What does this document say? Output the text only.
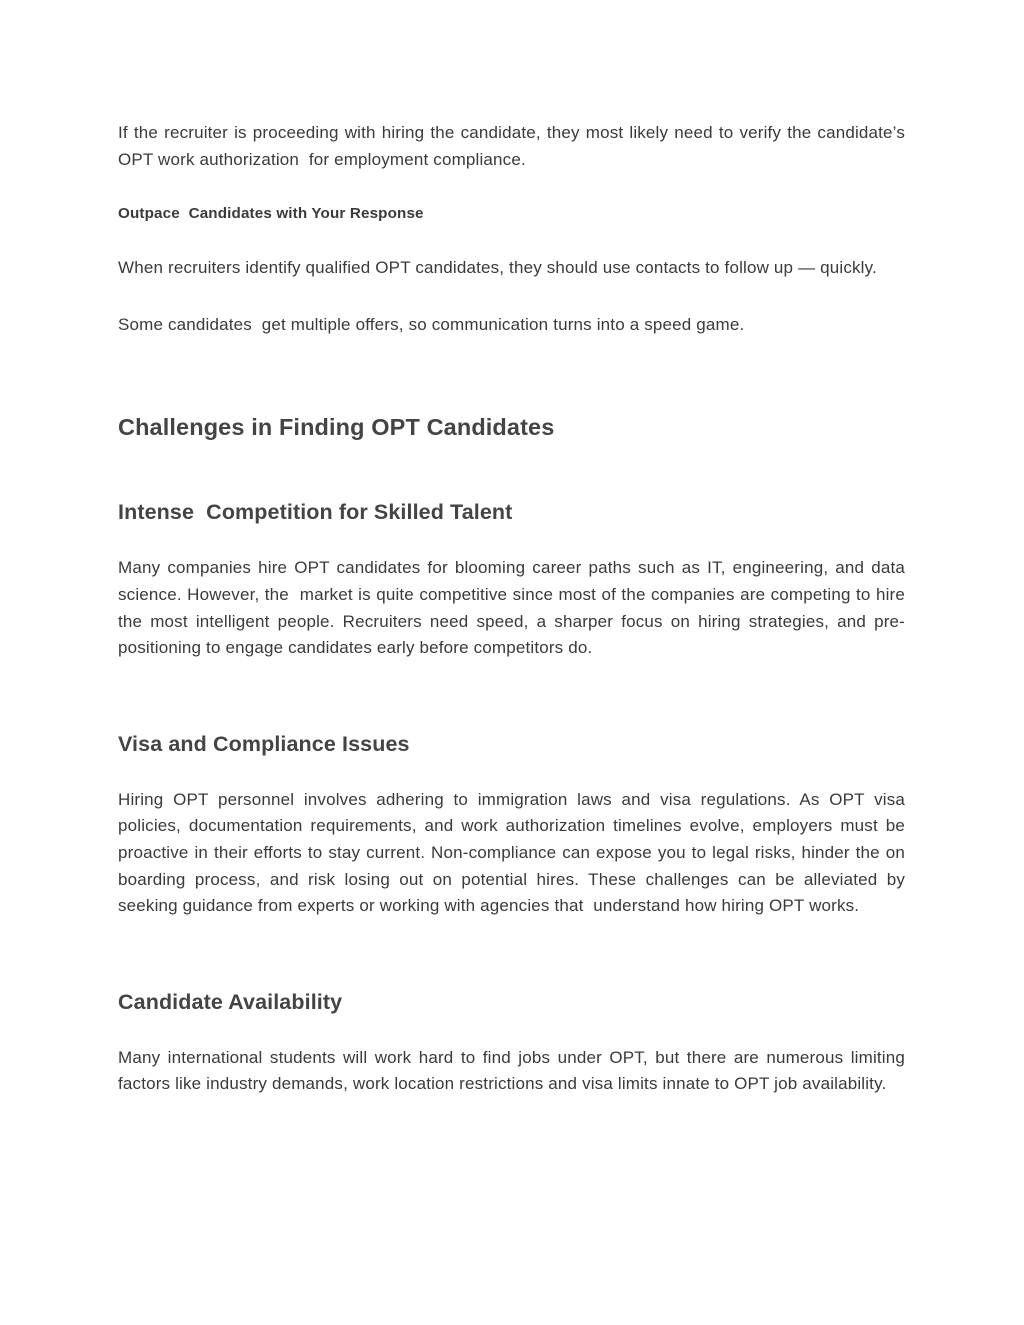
If the recruiter is proceeding with hiring the candidate, they most likely need to verify the candidate’s OPT work authorization  for employment compliance.

Outpace  Candidates with Your Response

When recruiters identify qualified OPT candidates, they should use contacts to follow up — quickly.

Some candidates  get multiple offers, so communication turns into a speed game.

Challenges in Finding OPT Candidates
Intense  Competition for Skilled Talent

Many companies hire OPT candidates for blooming career paths such as IT, engineering, and data science. However, the  market is quite competitive since most of the companies are competing to hire the most intelligent people. Recruiters need speed, a sharper focus on hiring strategies, and pre-positioning to engage candidates early before competitors do.

Visa and Compliance Issues

Hiring OPT personnel involves adhering to immigration laws and visa regulations. As OPT visa policies, documentation requirements, and work authorization timelines evolve, employers must be proactive in their efforts to stay current. Non-compliance can expose you to legal risks, hinder the on boarding process, and risk losing out on potential hires. These challenges can be alleviated by seeking guidance from experts or working with agencies that  understand how hiring OPT works.

Candidate Availability

Many international students will work hard to find jobs under OPT, but there are numerous limiting factors like industry demands, work location restrictions and visa limits innate to OPT job availability.
